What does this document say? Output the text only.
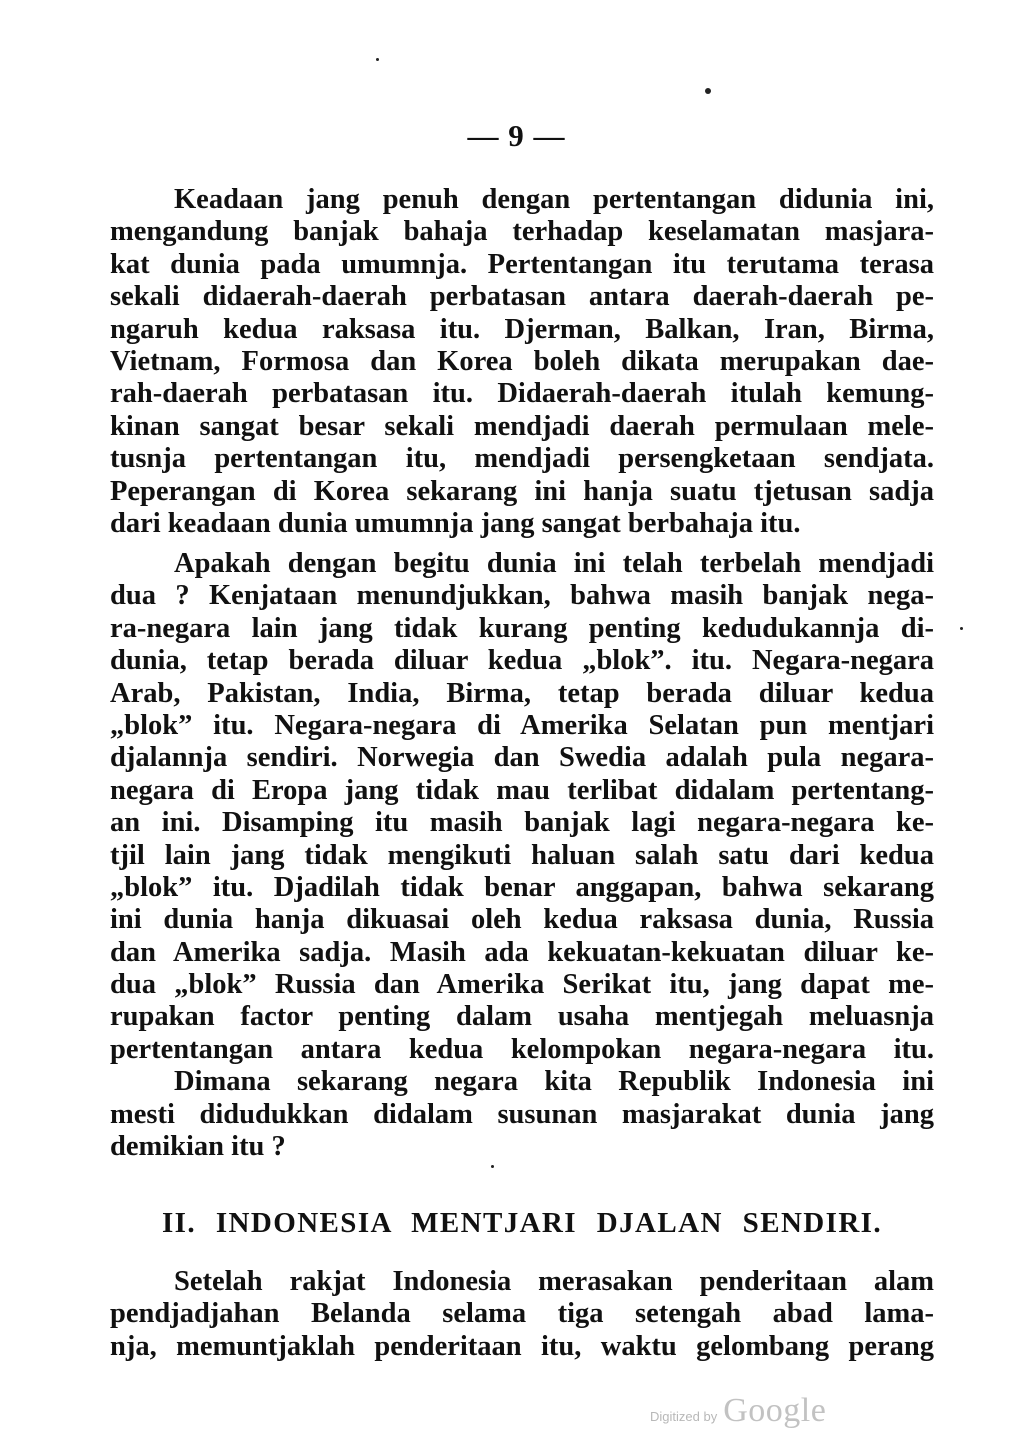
— 9 —
Keadaan jang penuh dengan pertentangan didunia ini,
mengandung banjak bahaja terhadap keselamatan masjara-
kat dunia pada umumnja. Pertentangan itu terutama terasa
sekali didaerah-daerah perbatasan antara daerah-daerah pe-
ngaruh kedua raksasa itu. Djerman, Balkan, Iran, Birma,
Vietnam, Formosa dan Korea boleh dikata merupakan dae-
rah-daerah perbatasan itu. Didaerah-daerah itulah kemung-
kinan sangat besar sekali mendjadi daerah permulaan mele-
tusnja pertentangan itu, mendjadi persengketaan sendjata.
Peperangan di Korea sekarang ini hanja suatu tjetusan sadja
dari keadaan dunia umumnja jang sangat berbahaja itu.
Apakah dengan begitu dunia ini telah terbelah mendjadi
dua ? Kenjataan menundjukkan, bahwa masih banjak nega-
ra-negara lain jang tidak kurang penting kedudukannja di-
dunia, tetap berada diluar kedua „blok”. itu. Negara-negara
Arab, Pakistan, India, Birma, tetap berada diluar kedua
„blok” itu. Negara-negara di Amerika Selatan pun mentjari
djalannja sendiri. Norwegia dan Swedia adalah pula negara-
negara di Eropa jang tidak mau terlibat didalam pertentang-
an ini. Disamping itu masih banjak lagi negara-negara ke-
tjil lain jang tidak mengikuti haluan salah satu dari kedua
„blok” itu. Djadilah tidak benar anggapan, bahwa sekarang
ini dunia hanja dikuasai oleh kedua raksasa dunia, Russia
dan Amerika sadja. Masih ada kekuatan-kekuatan diluar ke-
dua „blok” Russia dan Amerika Serikat itu, jang dapat me-
rupakan factor penting dalam usaha mentjegah meluasnja
pertentangan antara kedua kelompokan negara-negara itu.
Dimana sekarang negara kita Republik Indonesia ini
mesti didudukkan didalam susunan masjarakat dunia jang
demikian itu ?
II. INDONESIA MENTJARI DJALAN SENDIRI.
Setelah rakjat Indonesia merasakan penderitaan alam
pendjadjahan Belanda selama tiga setengah abad lama-
nja, memuntjaklah penderitaan itu, waktu gelombang perang
Digitized by Google
